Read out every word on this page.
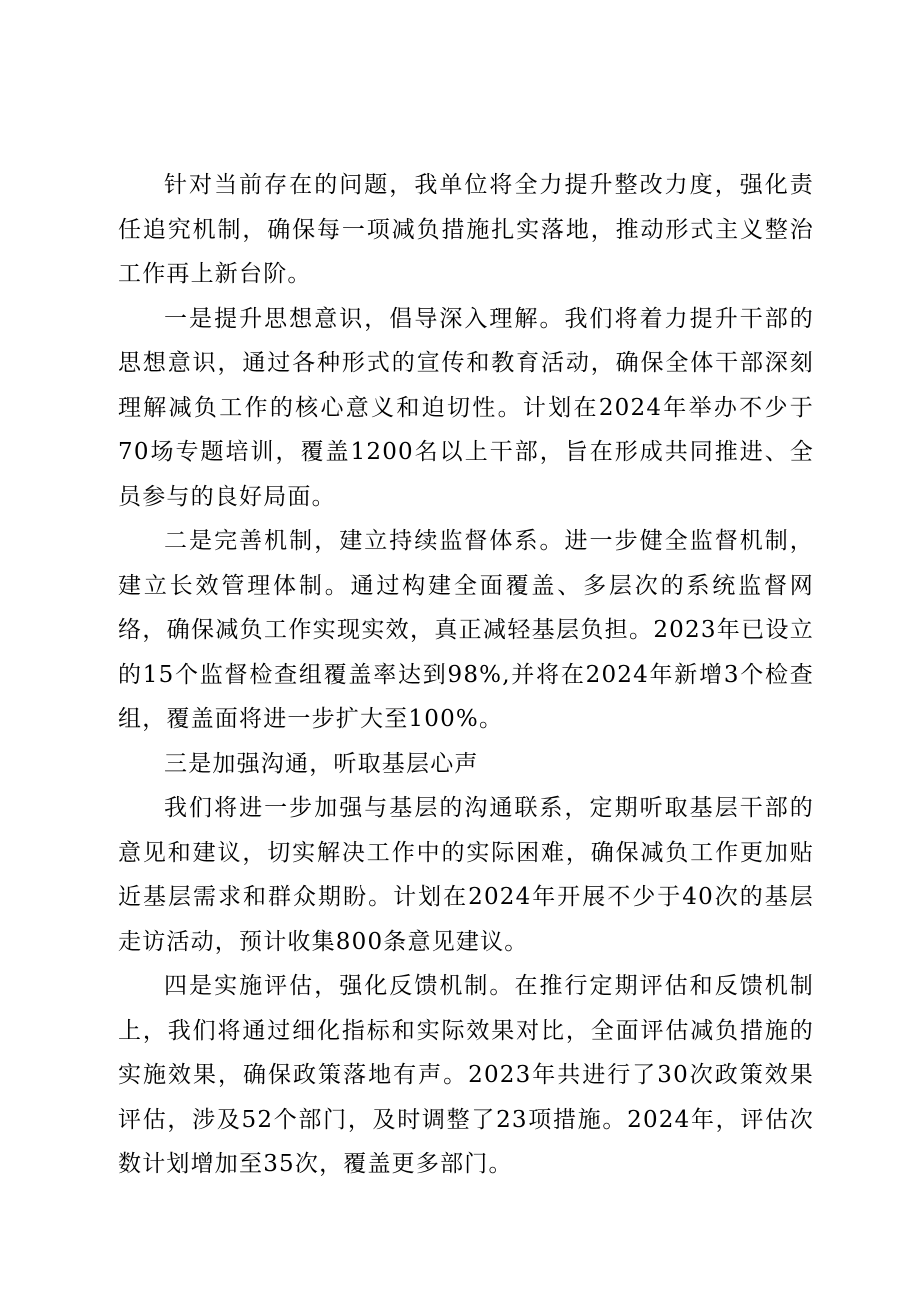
针对当前存在的问题，我单位将全力提升整改力度，强化责任追究机制，确保每一项减负措施扎实落地，推动形式主义整治工作再上新台阶。

一是提升思想意识，倡导深入理解。我们将着力提升干部的思想意识，通过各种形式的宣传和教育活动，确保全体干部深刻理解减负工作的核心意义和迫切性。计划在2024年举办不少于70场专题培训，覆盖1200名以上干部，旨在形成共同推进、全员参与的良好局面。

二是完善机制，建立持续监督体系。进一步健全监督机制，建立长效管理体制。通过构建全面覆盖、多层次的系统监督网络，确保减负工作实现实效，真正减轻基层负担。2023年已设立的15个监督检查组覆盖率达到98%,并将在2024年新增3个检查组，覆盖面将进一步扩大至100%。

三是加强沟通，听取基层心声

我们将进一步加强与基层的沟通联系，定期听取基层干部的意见和建议，切实解决工作中的实际困难，确保减负工作更加贴近基层需求和群众期盼。计划在2024年开展不少于40次的基层走访活动，预计收集800条意见建议。

四是实施评估，强化反馈机制。在推行定期评估和反馈机制上，我们将通过细化指标和实际效果对比，全面评估减负措施的实施效果，确保政策落地有声。2023年共进行了30次政策效果评估，涉及52个部门，及时调整了23项措施。2024年，评估次数计划增加至35次，覆盖更多部门。
